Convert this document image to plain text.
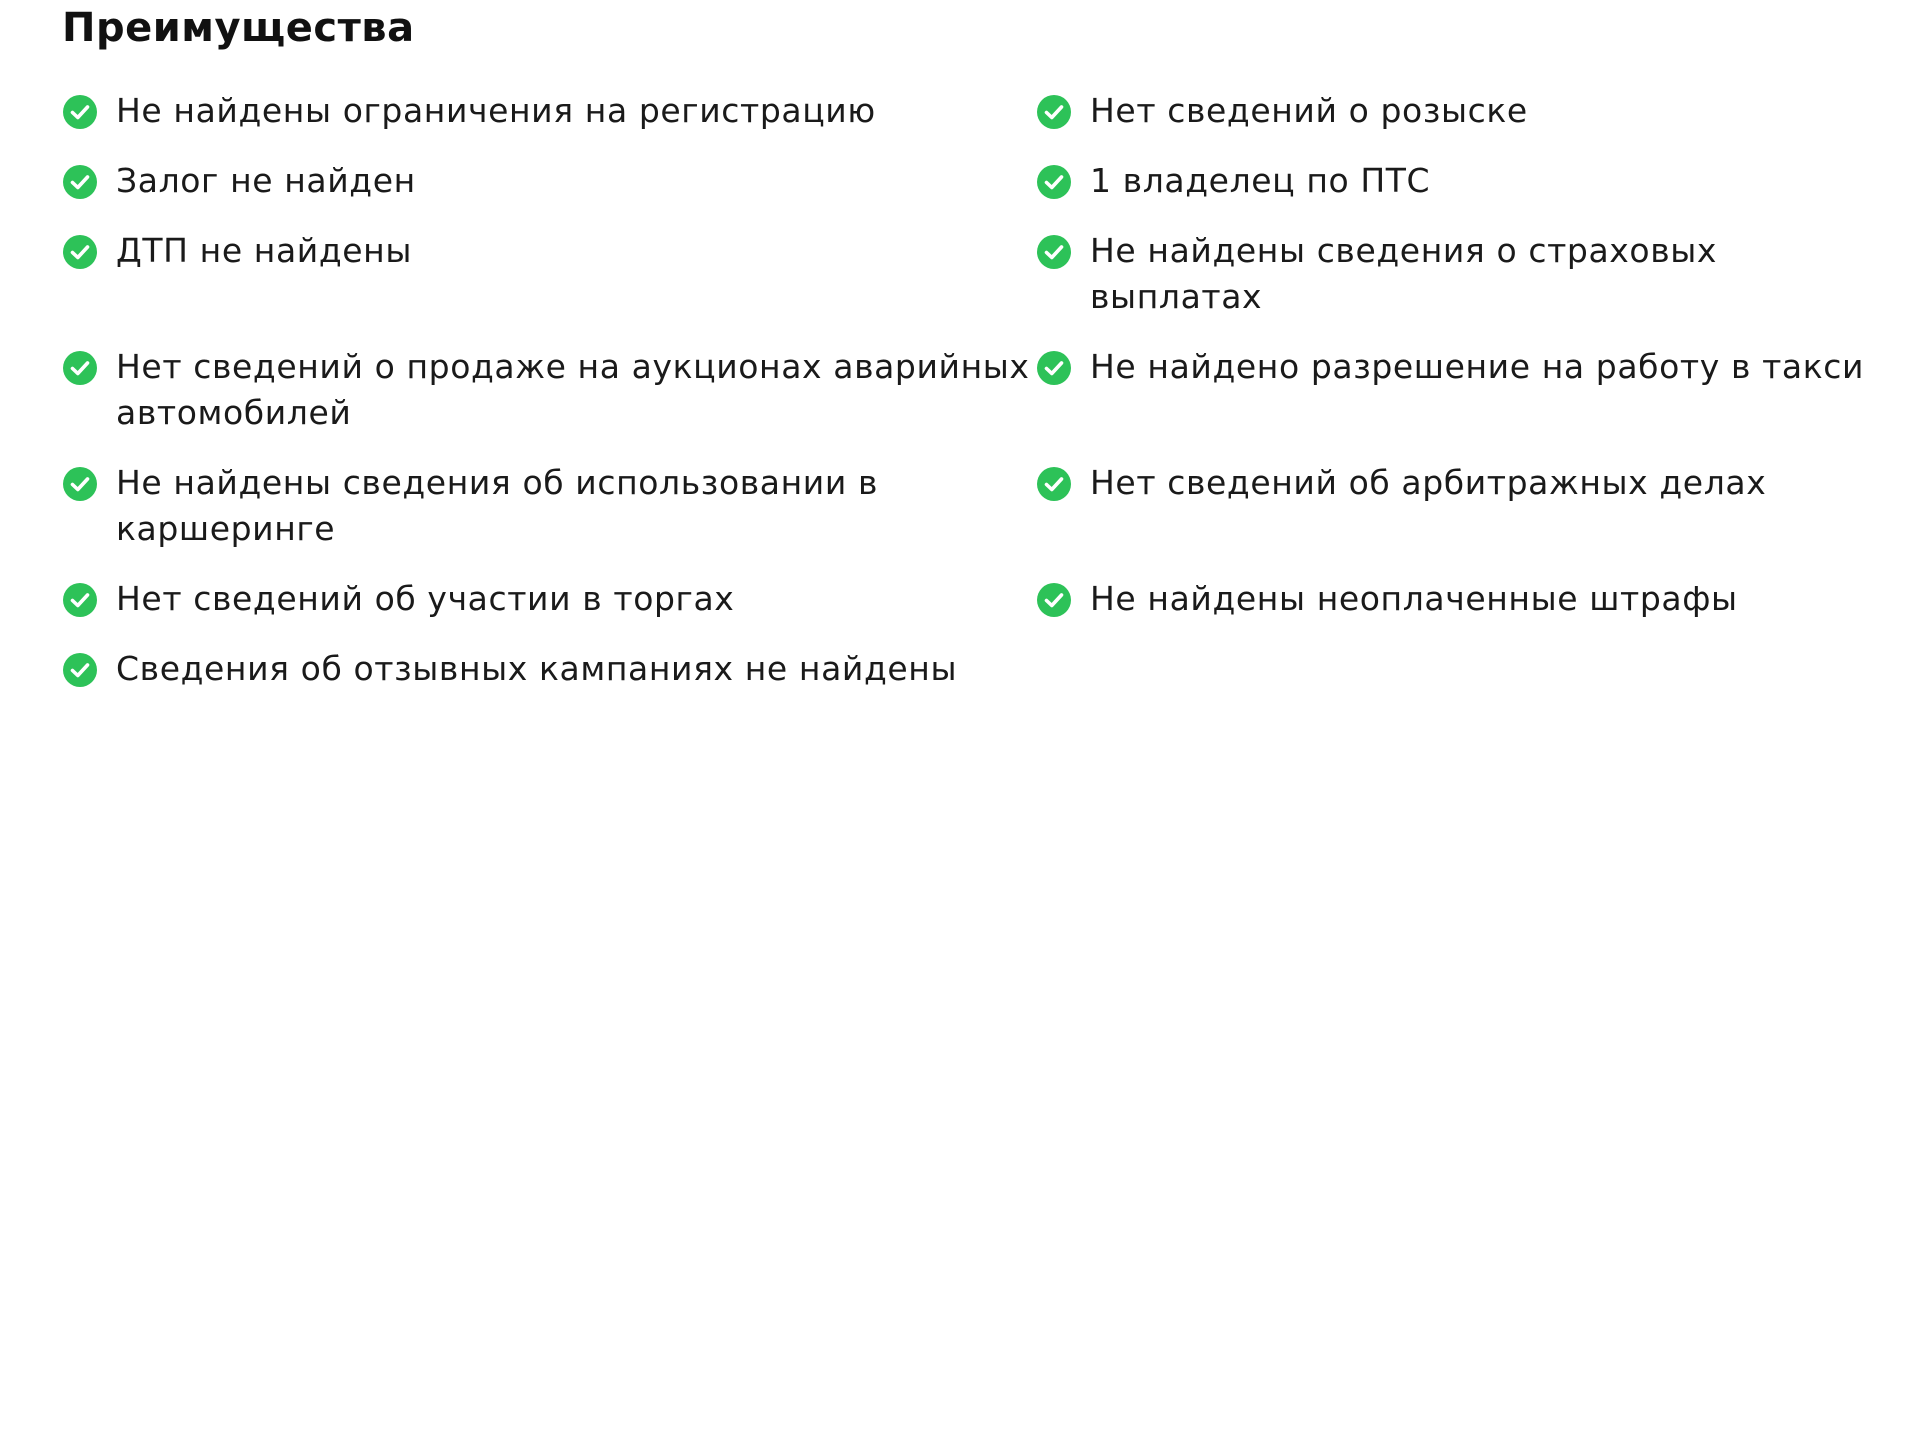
Преимущества
Не найдены ограничения на регистрацию	Нет сведений о розыске
Залог не найден	1 владелец по ПТС
ДТП не найдены	Не найдены сведения о страховых выплатах
Нет сведений о продаже на аукционах аварийных автомобилей
Не найдено разрешение на работу в такси
Не найдены сведения об использовании в каршеринге
Нет сведений об арбитражных делах
Нет сведений об участии в торгах	Не найдены неоплаченные штрафы
Сведения об отзывных кампаниях не найдены
